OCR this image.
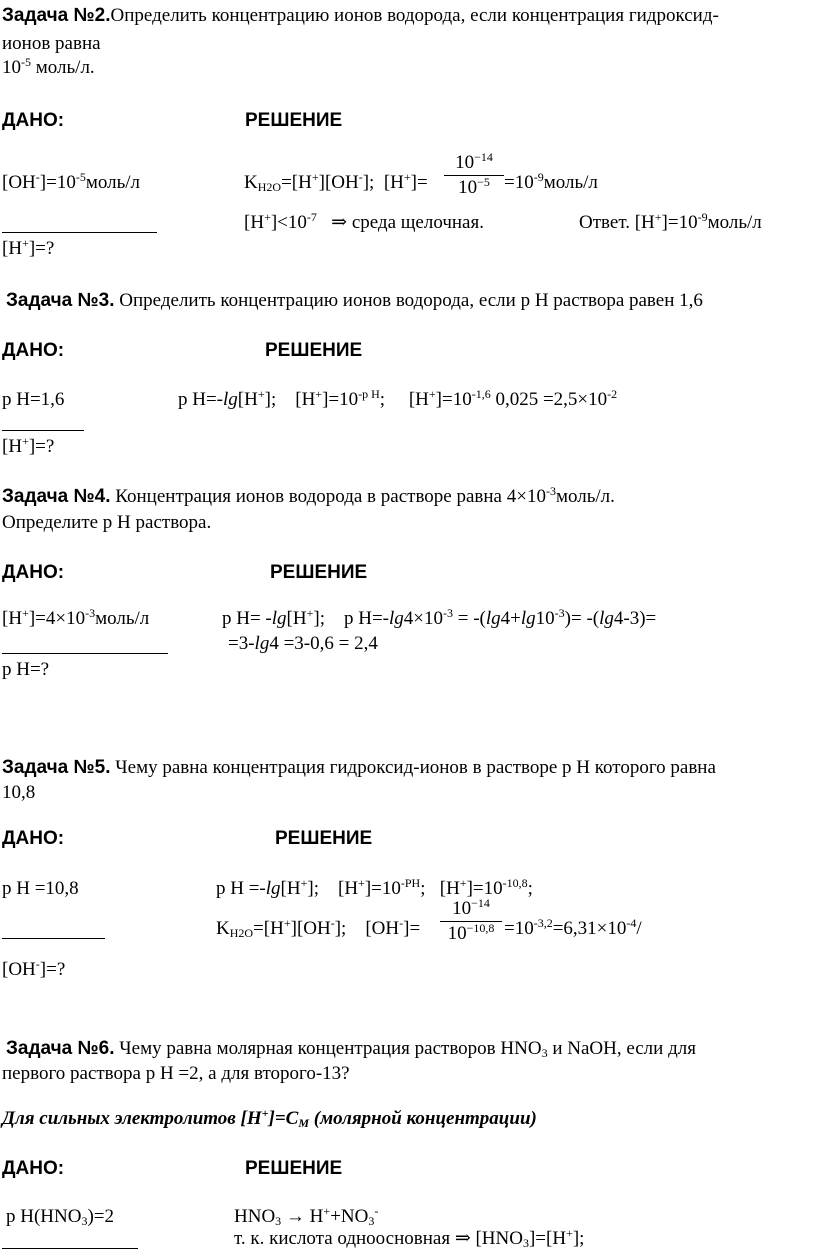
Задача №2.Определить концентрацию ионов водорода, если концентрация гидроксид-
ионов равна
$10^{-5}$ моль/л.
ДАНО:	РЕШЕНИЕ
$[OH^-]=10^{-5}моль/л$	$K_{H2O}=[H^+][OH^-]$;  [H+]=
$10^{-14}$
$10^{-5}$ $=10^{-9}моль/л$
$[H^+]<10^{-7}$   ⇒ среда щелочная.	Ответ. $[H^+]=10^{-9}моль/л$
[H+]=?
Задача №3. Определить концентрацию ионов водорода, если р Н раствора равен 1,6
ДАНО:	РЕШЕНИЕ
р Н=1,6	р Н=-lg[H+];    $[H^+]=10^{-р Н}$;     $[H^+]=10^{-1,6}$ $0,025 =2,5\times 10^{-2}$
[H+]=?
Задача №4. Концентрация ионов водорода в растворе равна $4\times 10^{-3}моль/л$.
Определите р Н раствора.
ДАНО:	РЕШЕНИЕ
$[H^+]=4\times 10^{-3}моль/л$	р Н= -lg[H+];    р $Н=-\lg 4\times 10^{-3} = -(\lg 4+\lg 10^{-3})= -(\lg 4-3)=$
=3-lg4 =3-0,6 = 2,4
р Н=?
Задача №5. Чему равна концентрация гидроксид-ионов в растворе р Н которого равна
10,8
ДАНО:	РЕШЕНИЕ
р Н =10,8	р Н =-lg[H+];    $[H^+]=10^{-PH}$;   $[H^+]=10^{-10,8}$;
$K_{H2O}=[H^+][OH^-]$;    [OH-]=
$10^{-14}$
$10^{-10,8} =10^{-3,2}=6,31\times 10^{-4}/$
[OH-]=?
Задача №6. Чему равна молярная концентрация растворов $HNO_3$ и NaOH, если для
первого раствора р Н =2, а для второго-13?
Для сильных электролитов $[H^+]=C_M$ (молярной концентрации)
ДАНО:	РЕШЕНИЕ
р $Н(HNO_3)=2$	$HNO_3 \to H^++NO_3^-$
т. к. кислота одноосновная ⇒ $[HNO_3]=[H^+]$;
